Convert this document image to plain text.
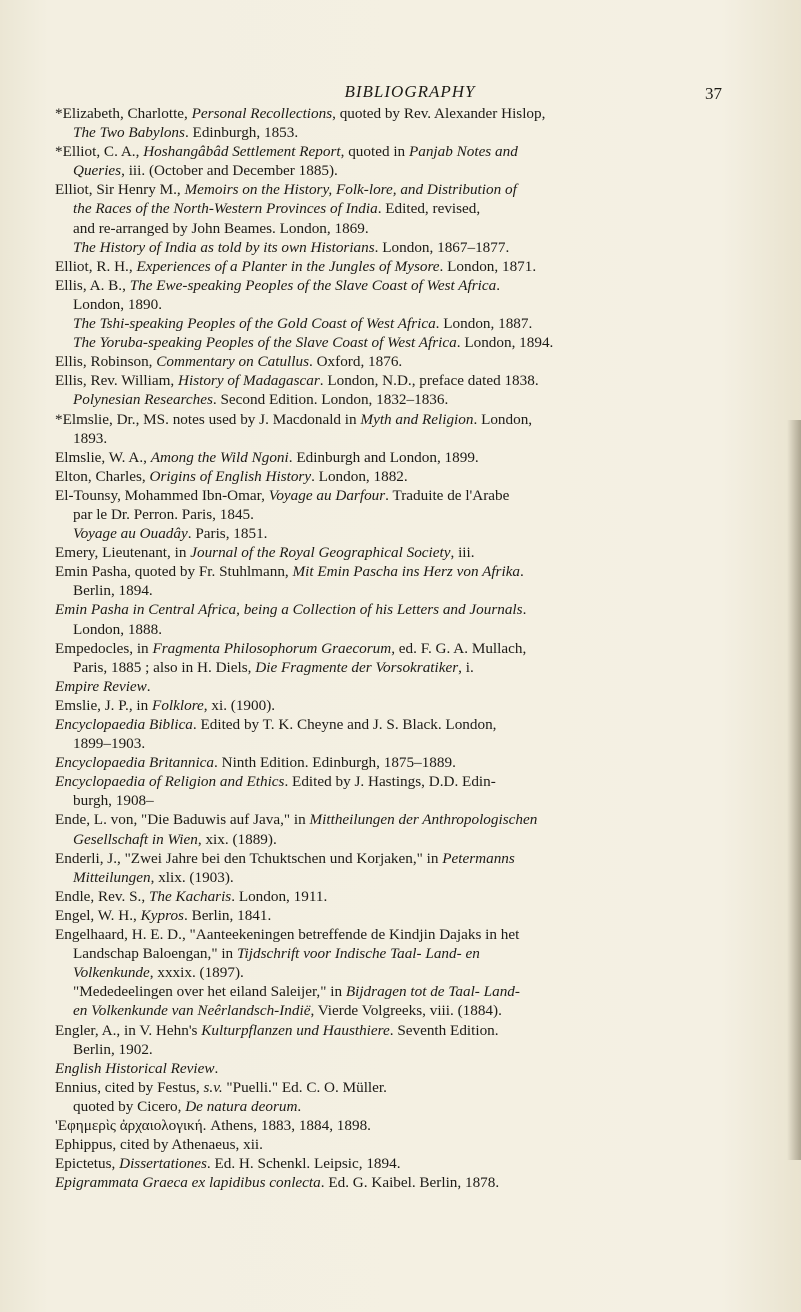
BIBLIOGRAPHY	37
*Elizabeth, Charlotte, Personal Recollections, quoted by Rev. Alexander Hislop,
The Two Babylons. Edinburgh, 1853.
*Elliot, C. A., Hoshangâbâd Settlement Report, quoted in Panjab Notes and
Queries, iii. (October and December 1885).
Elliot, Sir Henry M., Memoirs on the History, Folk-lore, and Distribution of
the Races of the North-Western Provinces of India. Edited, revised,
and re-arranged by John Beames. London, 1869.
The History of India as told by its own Historians. London, 1867–1877.
Elliot, R. H., Experiences of a Planter in the Jungles of Mysore. London, 1871.
Ellis, A. B., The Ewe-speaking Peoples of the Slave Coast of West Africa.
London, 1890.
The Tshi-speaking Peoples of the Gold Coast of West Africa. London, 1887.
The Yoruba-speaking Peoples of the Slave Coast of West Africa. London, 1894.
Ellis, Robinson, Commentary on Catullus. Oxford, 1876.
Ellis, Rev. William, History of Madagascar. London, N.D., preface dated 1838.
Polynesian Researches. Second Edition. London, 1832–1836.
*Elmslie, Dr., MS. notes used by J. Macdonald in Myth and Religion. London,
1893.
Elmslie, W. A., Among the Wild Ngoni. Edinburgh and London, 1899.
Elton, Charles, Origins of English History. London, 1882.
El-Tounsy, Mohammed Ibn-Omar, Voyage au Darfour. Traduite de l'Arabe
par le Dr. Perron. Paris, 1845.
Voyage au Ouadây. Paris, 1851.
Emery, Lieutenant, in Journal of the Royal Geographical Society, iii.
Emin Pasha, quoted by Fr. Stuhlmann, Mit Emin Pascha ins Herz von Afrika.
Berlin, 1894.
Emin Pasha in Central Africa, being a Collection of his Letters and Journals.
London, 1888.
Empedocles, in Fragmenta Philosophorum Graecorum, ed. F. G. A. Mullach,
Paris, 1885 ; also in H. Diels, Die Fragmente der Vorsokratiker, i.
Empire Review.
Emslie, J. P., in Folklore, xi. (1900).
Encyclopaedia Biblica. Edited by T. K. Cheyne and J. S. Black. London,
1899–1903.
Encyclopaedia Britannica. Ninth Edition. Edinburgh, 1875–1889.
Encyclopaedia of Religion and Ethics. Edited by J. Hastings, D.D. Edin-
burgh, 1908–
Ende, L. von, "Die Baduwis auf Java," in Mittheilungen der Anthropologischen
Gesellschaft in Wien, xix. (1889).
Enderli, J., "Zwei Jahre bei den Tchuktschen und Korjaken," in Petermanns
Mitteilungen, xlix. (1903).
Endle, Rev. S., The Kacharis. London, 1911.
Engel, W. H., Kypros. Berlin, 1841.
Engelhaard, H. E. D., "Aanteekeningen betreffende de Kindjin Dajaks in het
Landschap Baloengan," in Tijdschrift voor Indische Taal- Land- en
Volkenkunde, xxxix. (1897).
"Mededeelingen over het eiland Saleijer," in Bijdragen tot de Taal- Land-
en Volkenkunde van Neêrlandsch-Indië, Vierde Volgreeks, viii. (1884).
Engler, A., in V. Hehn's Kulturpflanzen und Hausthiere. Seventh Edition.
Berlin, 1902.
English Historical Review.
Ennius, cited by Festus, s.v. "Puelli." Ed. C. O. Müller.
quoted by Cicero, De natura deorum.
'Εφημερὶς ἀρχαιολογική. Athens, 1883, 1884, 1898.
Ephippus, cited by Athenaeus, xii.
Epictetus, Dissertationes. Ed. H. Schenkl. Leipsic, 1894.
Epigrammata Graeca ex lapidibus conlecta. Ed. G. Kaibel. Berlin, 1878.
